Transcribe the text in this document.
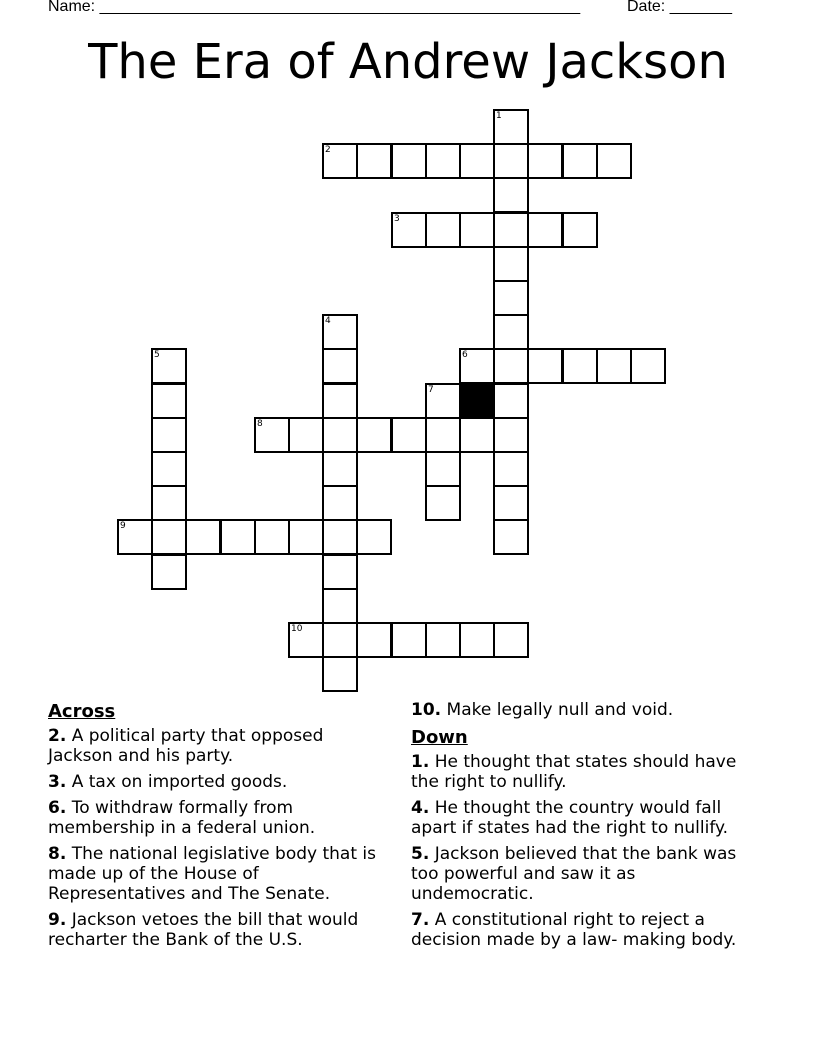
Name: ______________________________________________________	Date: _______
The Era of Andrew Jackson
1
2
3
4
5	6
7
8
9
10
Across
2. A political party that opposed Jackson and his party.
3. A tax on imported goods.
6. To withdraw formally from membership in a federal union.
8. The national legislative body that is made up of the House of Representatives and The Senate.
9. Jackson vetoes the bill that would recharter the Bank of the U.S.
10. Make legally null and void.
Down
1. He thought that states should have the right to nullify.
4. He thought the country would fall apart if states had the right to nullify.
5. Jackson believed that the bank was too powerful and saw it as undemocratic.
7. A constitutional right to reject a decision made by a law- making body.
